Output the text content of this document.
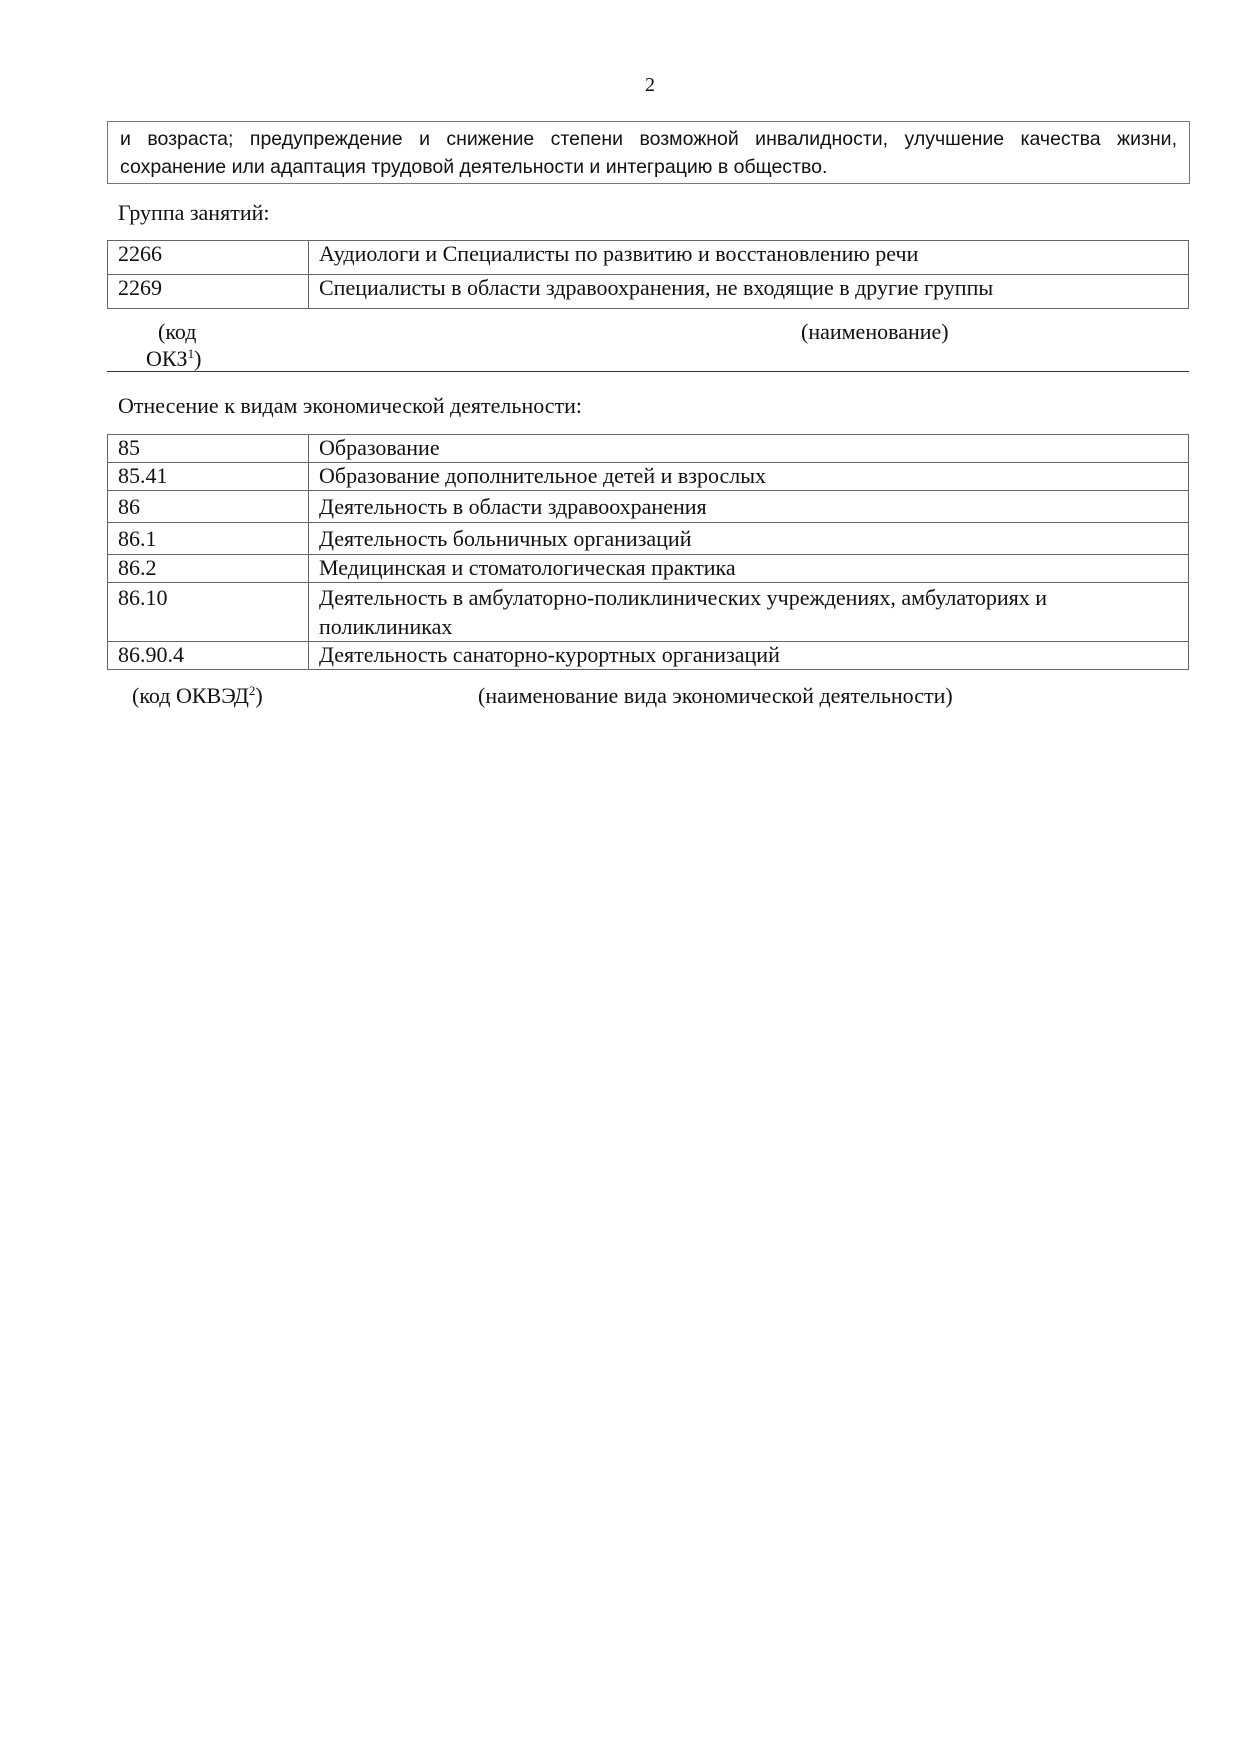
2
и возраста; предупреждение и снижение степени возможной инвалидности, улучшение качества жизни, сохранение или адаптация трудовой деятельности и интеграцию в общество.
Группа занятий:
2266	Аудиологи и Специалисты по развитию и восстановлению речи
2269	Специалисты в области здравоохранения, не входящие в другие группы
(код
ОКЗ$^1$)
(наименование)
Отнесение к видам экономической деятельности:
85	Образование
85.41	Образование дополнительное детей и взрослых
86	Деятельность в области здравоохранения
86.1	Деятельность больничных организаций
86.2	Медицинская и стоматологическая практика
86.10	Деятельность в амбулаторно-поликлинических учреждениях, амбулаториях и поликлиниках
86.90.4	Деятельность санаторно-курортных организаций
(код ОКВЭД$^2$)	(наименование вида экономической деятельности)
